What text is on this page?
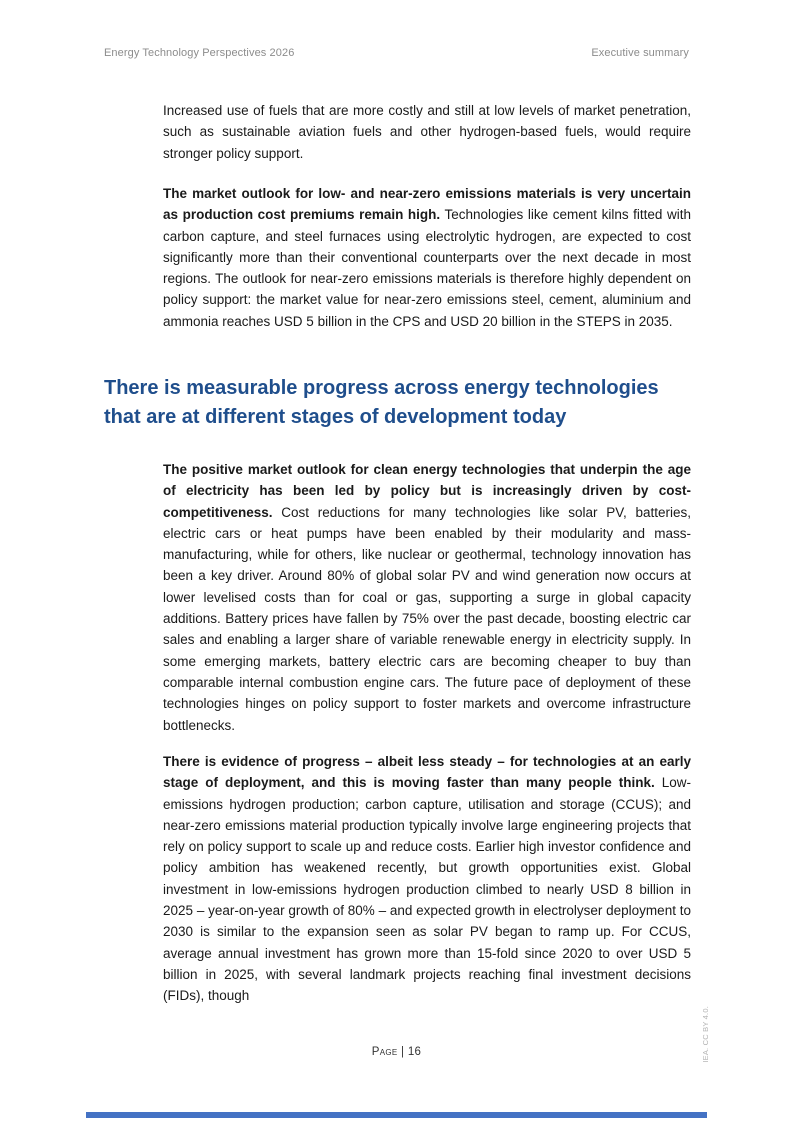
Energy Technology Perspectives 2026	Executive summary
Increased use of fuels that are more costly and still at low levels of market penetration, such as sustainable aviation fuels and other hydrogen-based fuels, would require stronger policy support.
The market outlook for low- and near-zero emissions materials is very uncertain as production cost premiums remain high. Technologies like cement kilns fitted with carbon capture, and steel furnaces using electrolytic hydrogen, are expected to cost significantly more than their conventional counterparts over the next decade in most regions. The outlook for near-zero emissions materials is therefore highly dependent on policy support: the market value for near-zero emissions steel, cement, aluminium and ammonia reaches USD 5 billion in the CPS and USD 20 billion in the STEPS in 2035.
There is measurable progress across energy technologies that are at different stages of development today
The positive market outlook for clean energy technologies that underpin the age of electricity has been led by policy but is increasingly driven by cost-competitiveness. Cost reductions for many technologies like solar PV, batteries, electric cars or heat pumps have been enabled by their modularity and mass-manufacturing, while for others, like nuclear or geothermal, technology innovation has been a key driver. Around 80% of global solar PV and wind generation now occurs at lower levelised costs than for coal or gas, supporting a surge in global capacity additions. Battery prices have fallen by 75% over the past decade, boosting electric car sales and enabling a larger share of variable renewable energy in electricity supply. In some emerging markets, battery electric cars are becoming cheaper to buy than comparable internal combustion engine cars. The future pace of deployment of these technologies hinges on policy support to foster markets and overcome infrastructure bottlenecks.
There is evidence of progress – albeit less steady – for technologies at an early stage of deployment, and this is moving faster than many people think. Low-emissions hydrogen production; carbon capture, utilisation and storage (CCUS); and near-zero emissions material production typically involve large engineering projects that rely on policy support to scale up and reduce costs. Earlier high investor confidence and policy ambition has weakened recently, but growth opportunities exist. Global investment in low-emissions hydrogen production climbed to nearly USD 8 billion in 2025 – year-on-year growth of 80% – and expected growth in electrolyser deployment to 2030 is similar to the expansion seen as solar PV began to ramp up. For CCUS, average annual investment has grown more than 15-fold since 2020 to over USD 5 billion in 2025, with several landmark projects reaching final investment decisions (FIDs), though
Page | 16	IEA. CC BY 4.0.
